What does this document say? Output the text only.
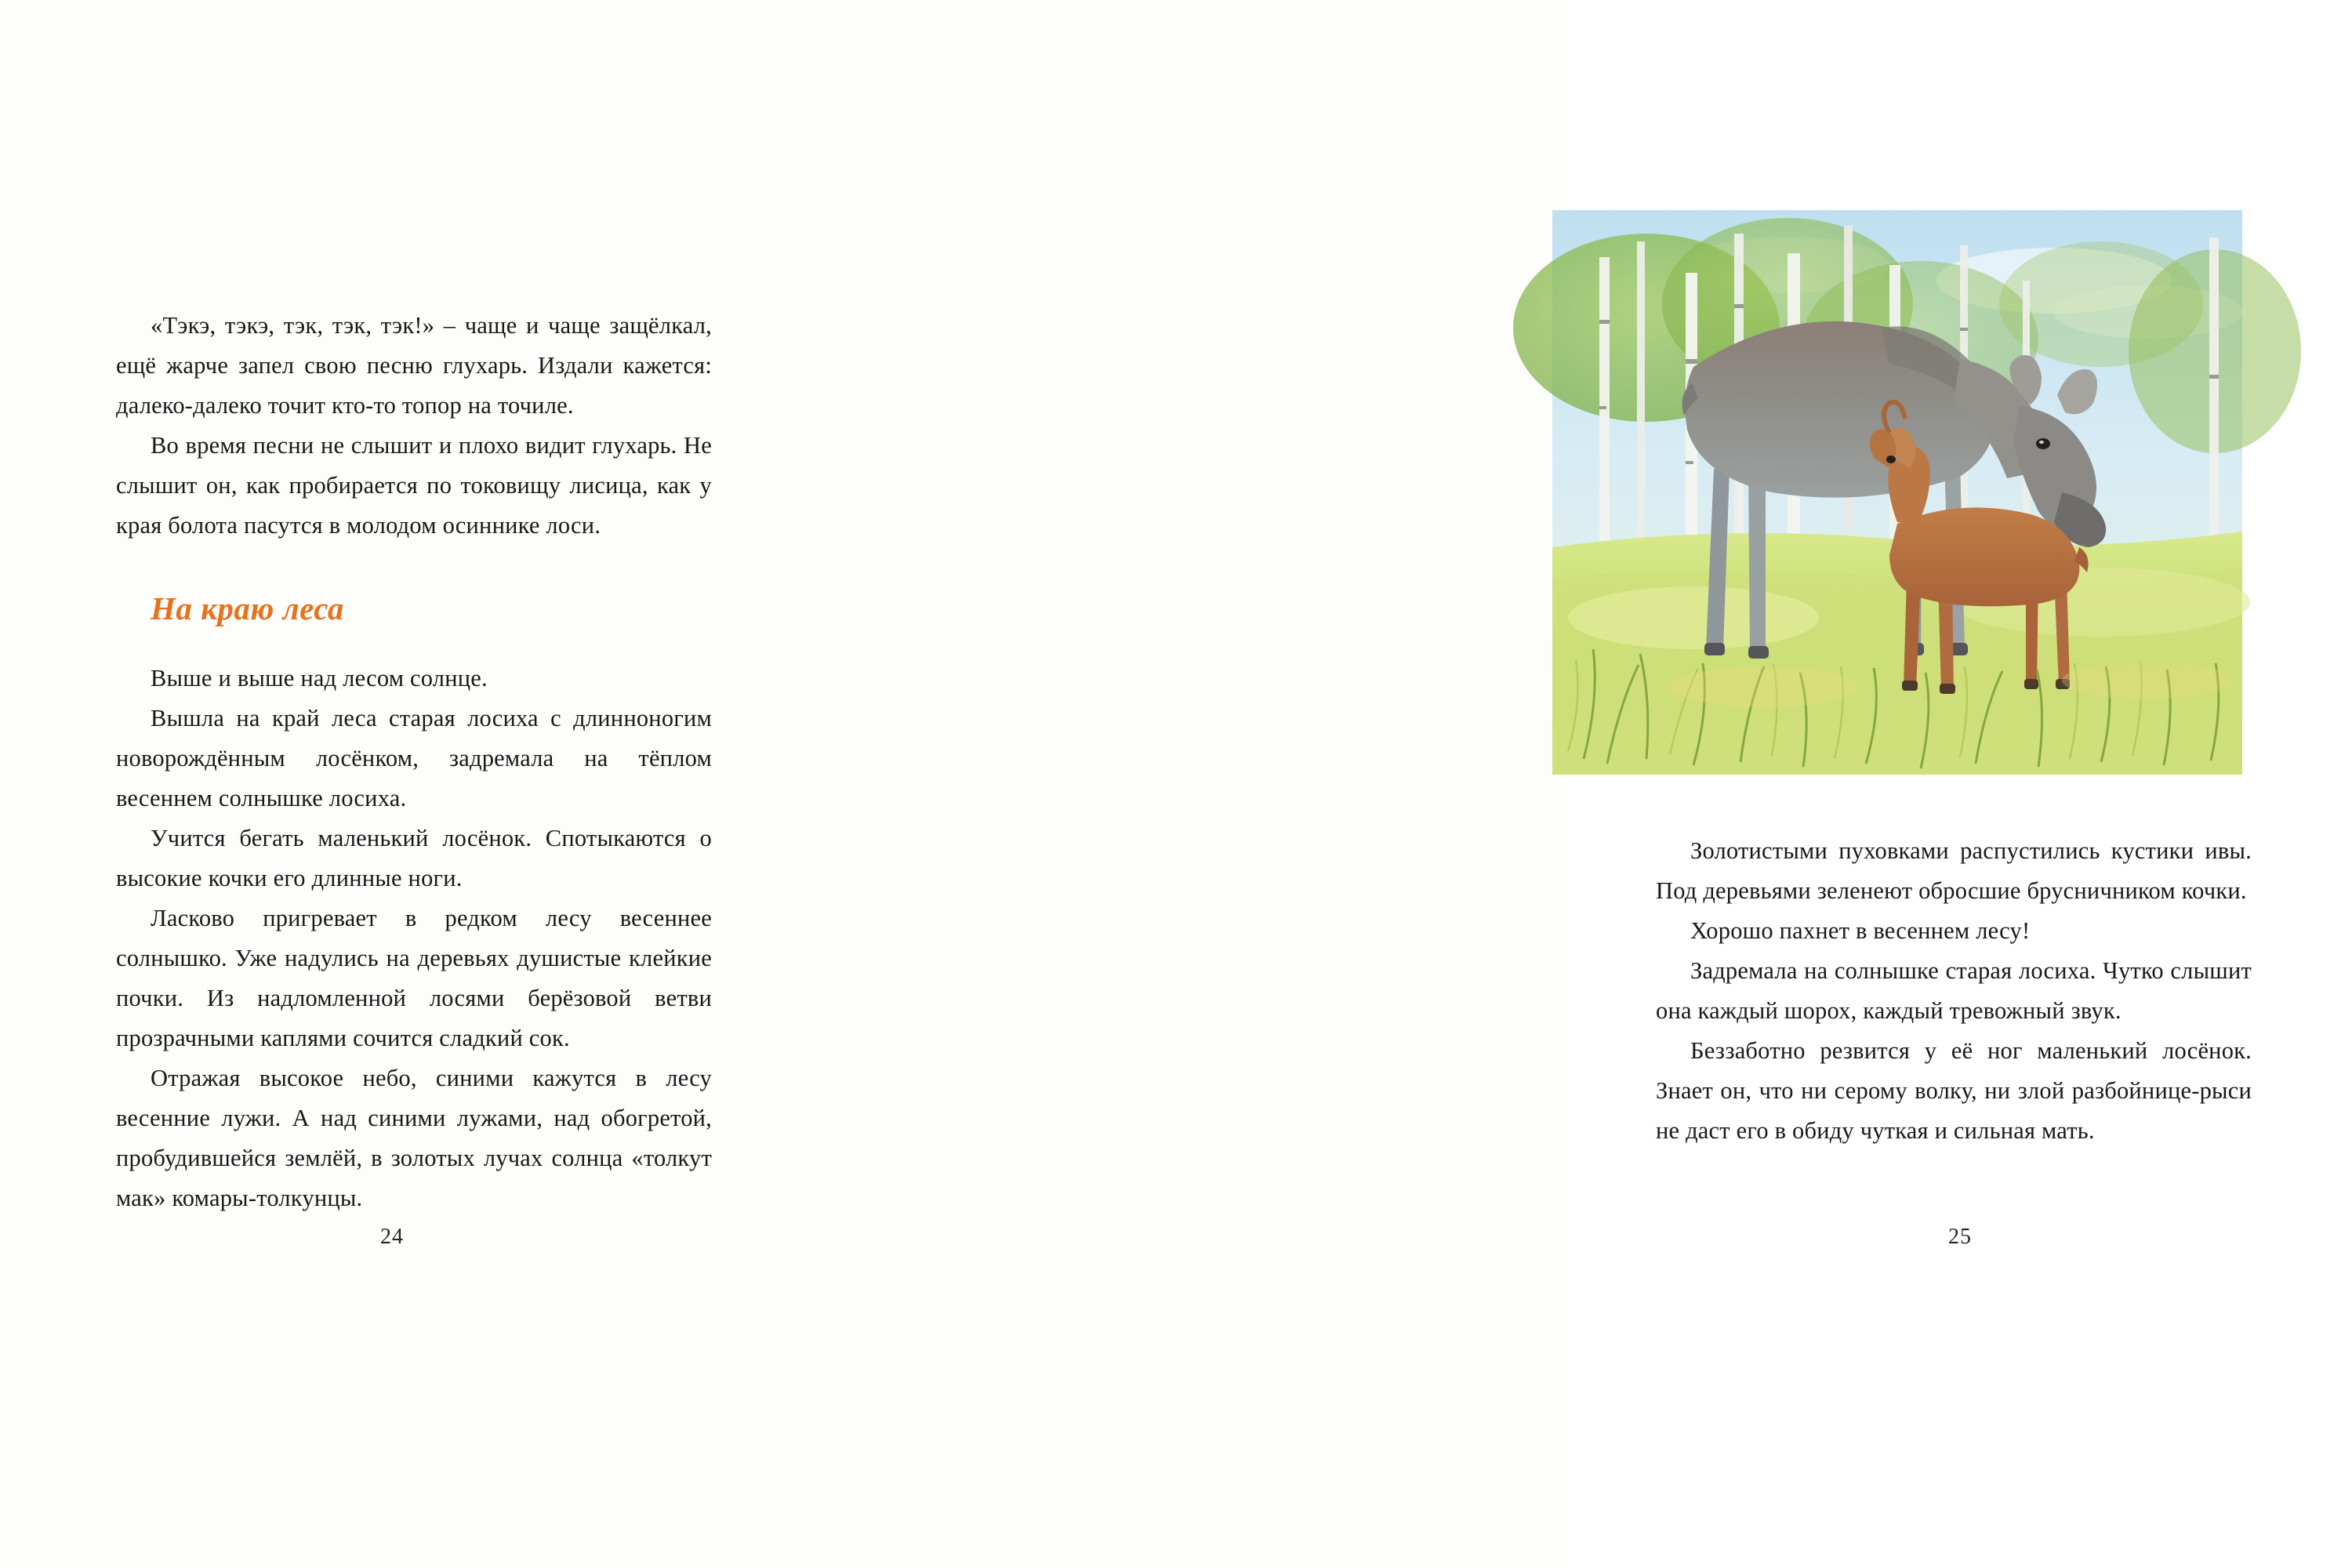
«Тэкэ, тэкэ, тэк, тэк, тэк!» – чаще и чаще защёлкал, ещё жарче запел свою песню глухарь. Издали кажется: далеко-далеко точит кто-то топор на точиле.

Во время песни не слышит и плохо видит глухарь. Не слышит он, как пробирается по токовищу лисица, как у края болота пасутся в молодом осиннике лоси.

На краю леса

Выше и выше над лесом солнце.

Вышла на край леса старая лосиха с длинноногим новорождённым лосёнком, задремала на тёплом весеннем солнышке лосиха.

Учится бегать маленький лосёнок. Спотыкаются о высокие кочки его длинные ноги.

Ласково пригревает в редком лесу весеннее солнышко. Уже надулись на деревьях душистые клейкие почки. Из надломленной лосями берёзовой ветви прозрачными каплями сочится сладкий сок.

Отражая высокое небо, синими кажутся в лесу весенние лужи. А над синими лужами, над обогретой, пробудившейся землёй, в золотых лучах солнца «толкут мак» комары-толкунцы.

24

Золотистыми пуховками распустились кустики ивы. Под деревьями зеленеют обросшие брусничником кочки.

Хорошо пахнет в весеннем лесу!

Задремала на солнышке старая лосиха. Чутко слышит она каждый шорох, каждый тревожный звук.

Беззаботно резвится у её ног маленький лосёнок. Знает он, что ни серому волку, ни злой разбойнице-рыси не даст его в обиду чуткая и сильная мать.

25
